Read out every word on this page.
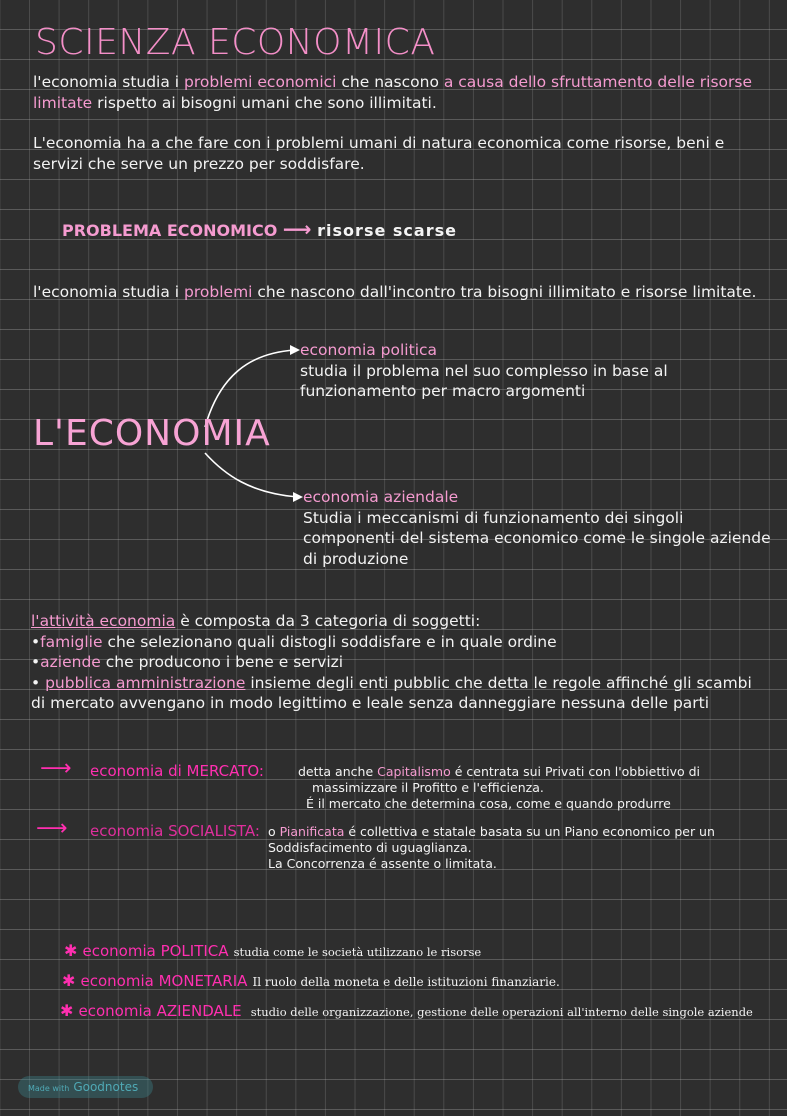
SCIENZA ECONOMICA
l'economia studia i problemi economici che nascono a causa dello sfruttamento delle risorse
limitate rispetto ai bisogni umani che sono illimitati.
L'economia ha a che fare con i problemi umani di natura economica come risorse, beni e
servizi che serve un prezzo per soddisfare.
PROBLEMA ECONOMICO ⟶ risorse scarse
l'economia studia i problemi che nascono dall'incontro tra bisogni illimitato e risorse limitate.
L'ECONOMIA
economia politica
studia il problema nel suo complesso in base al
funzionamento per macro argomenti
economia aziendale
Studia i meccanismi di funzionamento dei singoli
componenti del sistema economico come le singole aziende
di produzione
l'attività economia è composta da 3 categoria di soggetti:
•famiglie che selezionano quali distogli soddisfare e in quale ordine
•aziende che producono i bene e servizi
• pubblica amministrazione insieme degli enti pubblic che detta le regole affinché gli scambi
di mercato avvengano in modo legittimo e leale senza danneggiare nessuna delle parti
⟶ economia di MERCATO:	detta anche Capitalismo é centrata sui Privati con l'obbiettivo di
massimizzare il Profitto e l'efficienza.
É il mercato che determina cosa, come e quando produrre
⟶ economia SOCIALISTA: o Pianificata é collettiva e statale basata su un Piano economico per un
Soddisfacimento di uguaglianza.
La Concorrenza é assente o limitata.
✱ economia POLITICA studia come le società utilizzano le risorse
✱ economia MONETARIA Il ruolo della moneta e delle istituzioni finanziarie.
✱ economia AZIENDALE studio delle organizzazione, gestione delle operazioni all'interno delle singole aziende
Made with Goodnotes
